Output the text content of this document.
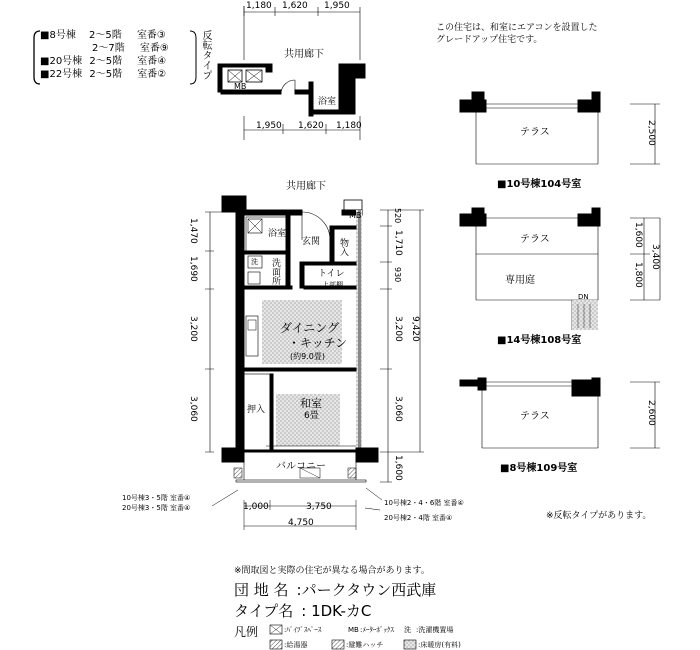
■8号棟 2〜5階 室番③
2〜7階 室番⑨
■20号棟 2〜5階 室番④
■22号棟 2〜5階 室番②	反転タイプ
この住宅は、和室にエアコンを設置した
グレードアップ住宅です。
1,180 1,620 1,950
共用廊下
MB
浴室
1,950 1,620 1,180
共用廊下
MB
浴室
玄関 物入
洗 洗面所	トイレ
上部棚
ダイニング
・キッチン
(約9.0畳)
和室
6畳
押入
バルコニー
1,470
1,690
3,200
3,060
520
1,710
930
3,200
3,060
1,600
9,420
1,000	3,750
4,750
10号棟3・5階 室番④
20号棟3・5階 室番④
10号棟2・4・6階 室番④
20号棟2・4階 室番④
テラス	2,500
■10号棟104号室
テラス
専用庭
DN
1,600
1,800
3,400
■14号棟108号室
テラス	2,600
■8号棟109号室
※反転タイプがあります。
※間取図と実際の住宅が異なる場合があります。
団 地 名 :パークタウン西武庫
タイプ名 : 1DK-カC
凡例	:ﾊﾟｲﾌﾟｽﾍﾟｰｽ	MB :ﾒｰﾀｰﾎﾞｯｸｽ 洗 :洗濯機置場
:給湯器	:避難ハッチ	:床暖房(有料)
